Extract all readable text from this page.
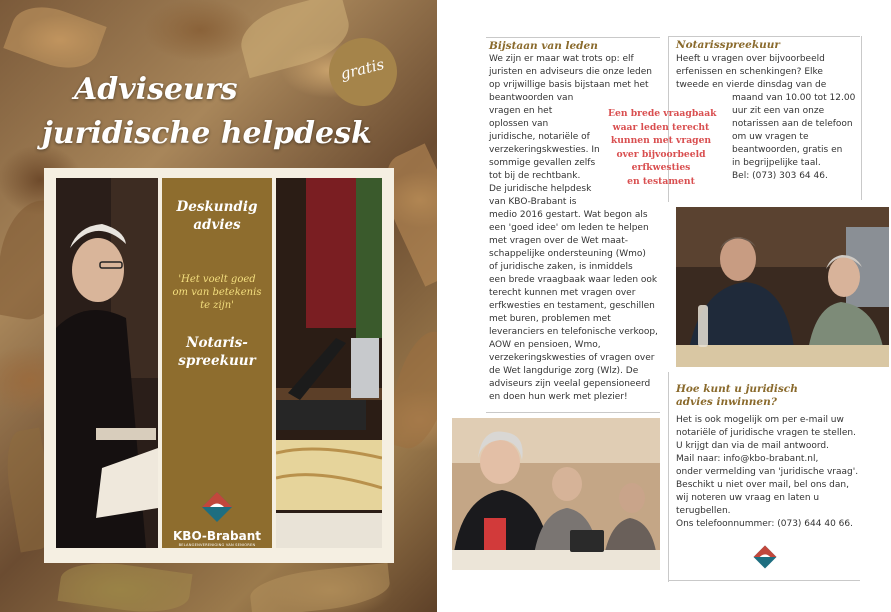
Adviseurs
juridische helpdesk
gratis
Deskundig
advies

'Het voelt goed
om van betekenis
te zijn'

Notaris-
spreekuur
KBO-Brabant
BELANGENVERENIGING VAN SENIOREN
Bijstaan van leden
We zijn er maar wat trots op: elf
juristen en adviseurs die onze leden
op vrijwillige basis bijstaan met het
beantwoorden van
vragen en het
oplossen van
juridische, notariële of
verzekeringskwesties. In
sommige gevallen zelfs
tot bij de rechtbank.
De juridische helpdesk
van KBO-Brabant is
medio 2016 gestart. Wat begon als
een 'goed idee' om leden te helpen
met vragen over de Wet maat-
schappelijke ondersteuning (Wmo)
of juridische zaken, is inmiddels
een brede vraagbaak waar leden ook
terecht kunnen met vragen over
erfkwesties en testament, geschillen
met buren, problemen met
leveranciers en telefonische verkoop,
AOW en pensioen, Wmo,
verzekeringskwesties of vragen over
de Wet langdurige zorg (Wlz). De
adviseurs zijn veelal gepensioneerd
en doen hun werk met plezier!
Een brede vraagbaak
waar leden terecht
kunnen met vragen
over bijvoorbeeld
erfkwesties
en testament
Notarisspreekuur
Heeft u vragen over bijvoorbeeld
erfenissen en schenkingen? Elke
tweede en vierde dinsdag van de
maand van 10.00 tot 12.00
uur zit een van onze
notarissen aan de telefoon
om uw vragen te
beantwoorden, gratis en
in begrijpelijke taal.
Bel: (073) 303 64 46.
Hoe kunt u juridisch
advies inwinnen?
Het is ook mogelijk om per e-mail uw
notariële of juridische vragen te stellen.
U krijgt dan via de mail antwoord.
Mail naar: info@kbo-brabant.nl,
onder vermelding van 'juridische vraag'.
Beschikt u niet over mail, bel ons dan,
wij noteren uw vraag en laten u
terugbellen.
Ons telefoonnummer: (073) 644 40 66.
